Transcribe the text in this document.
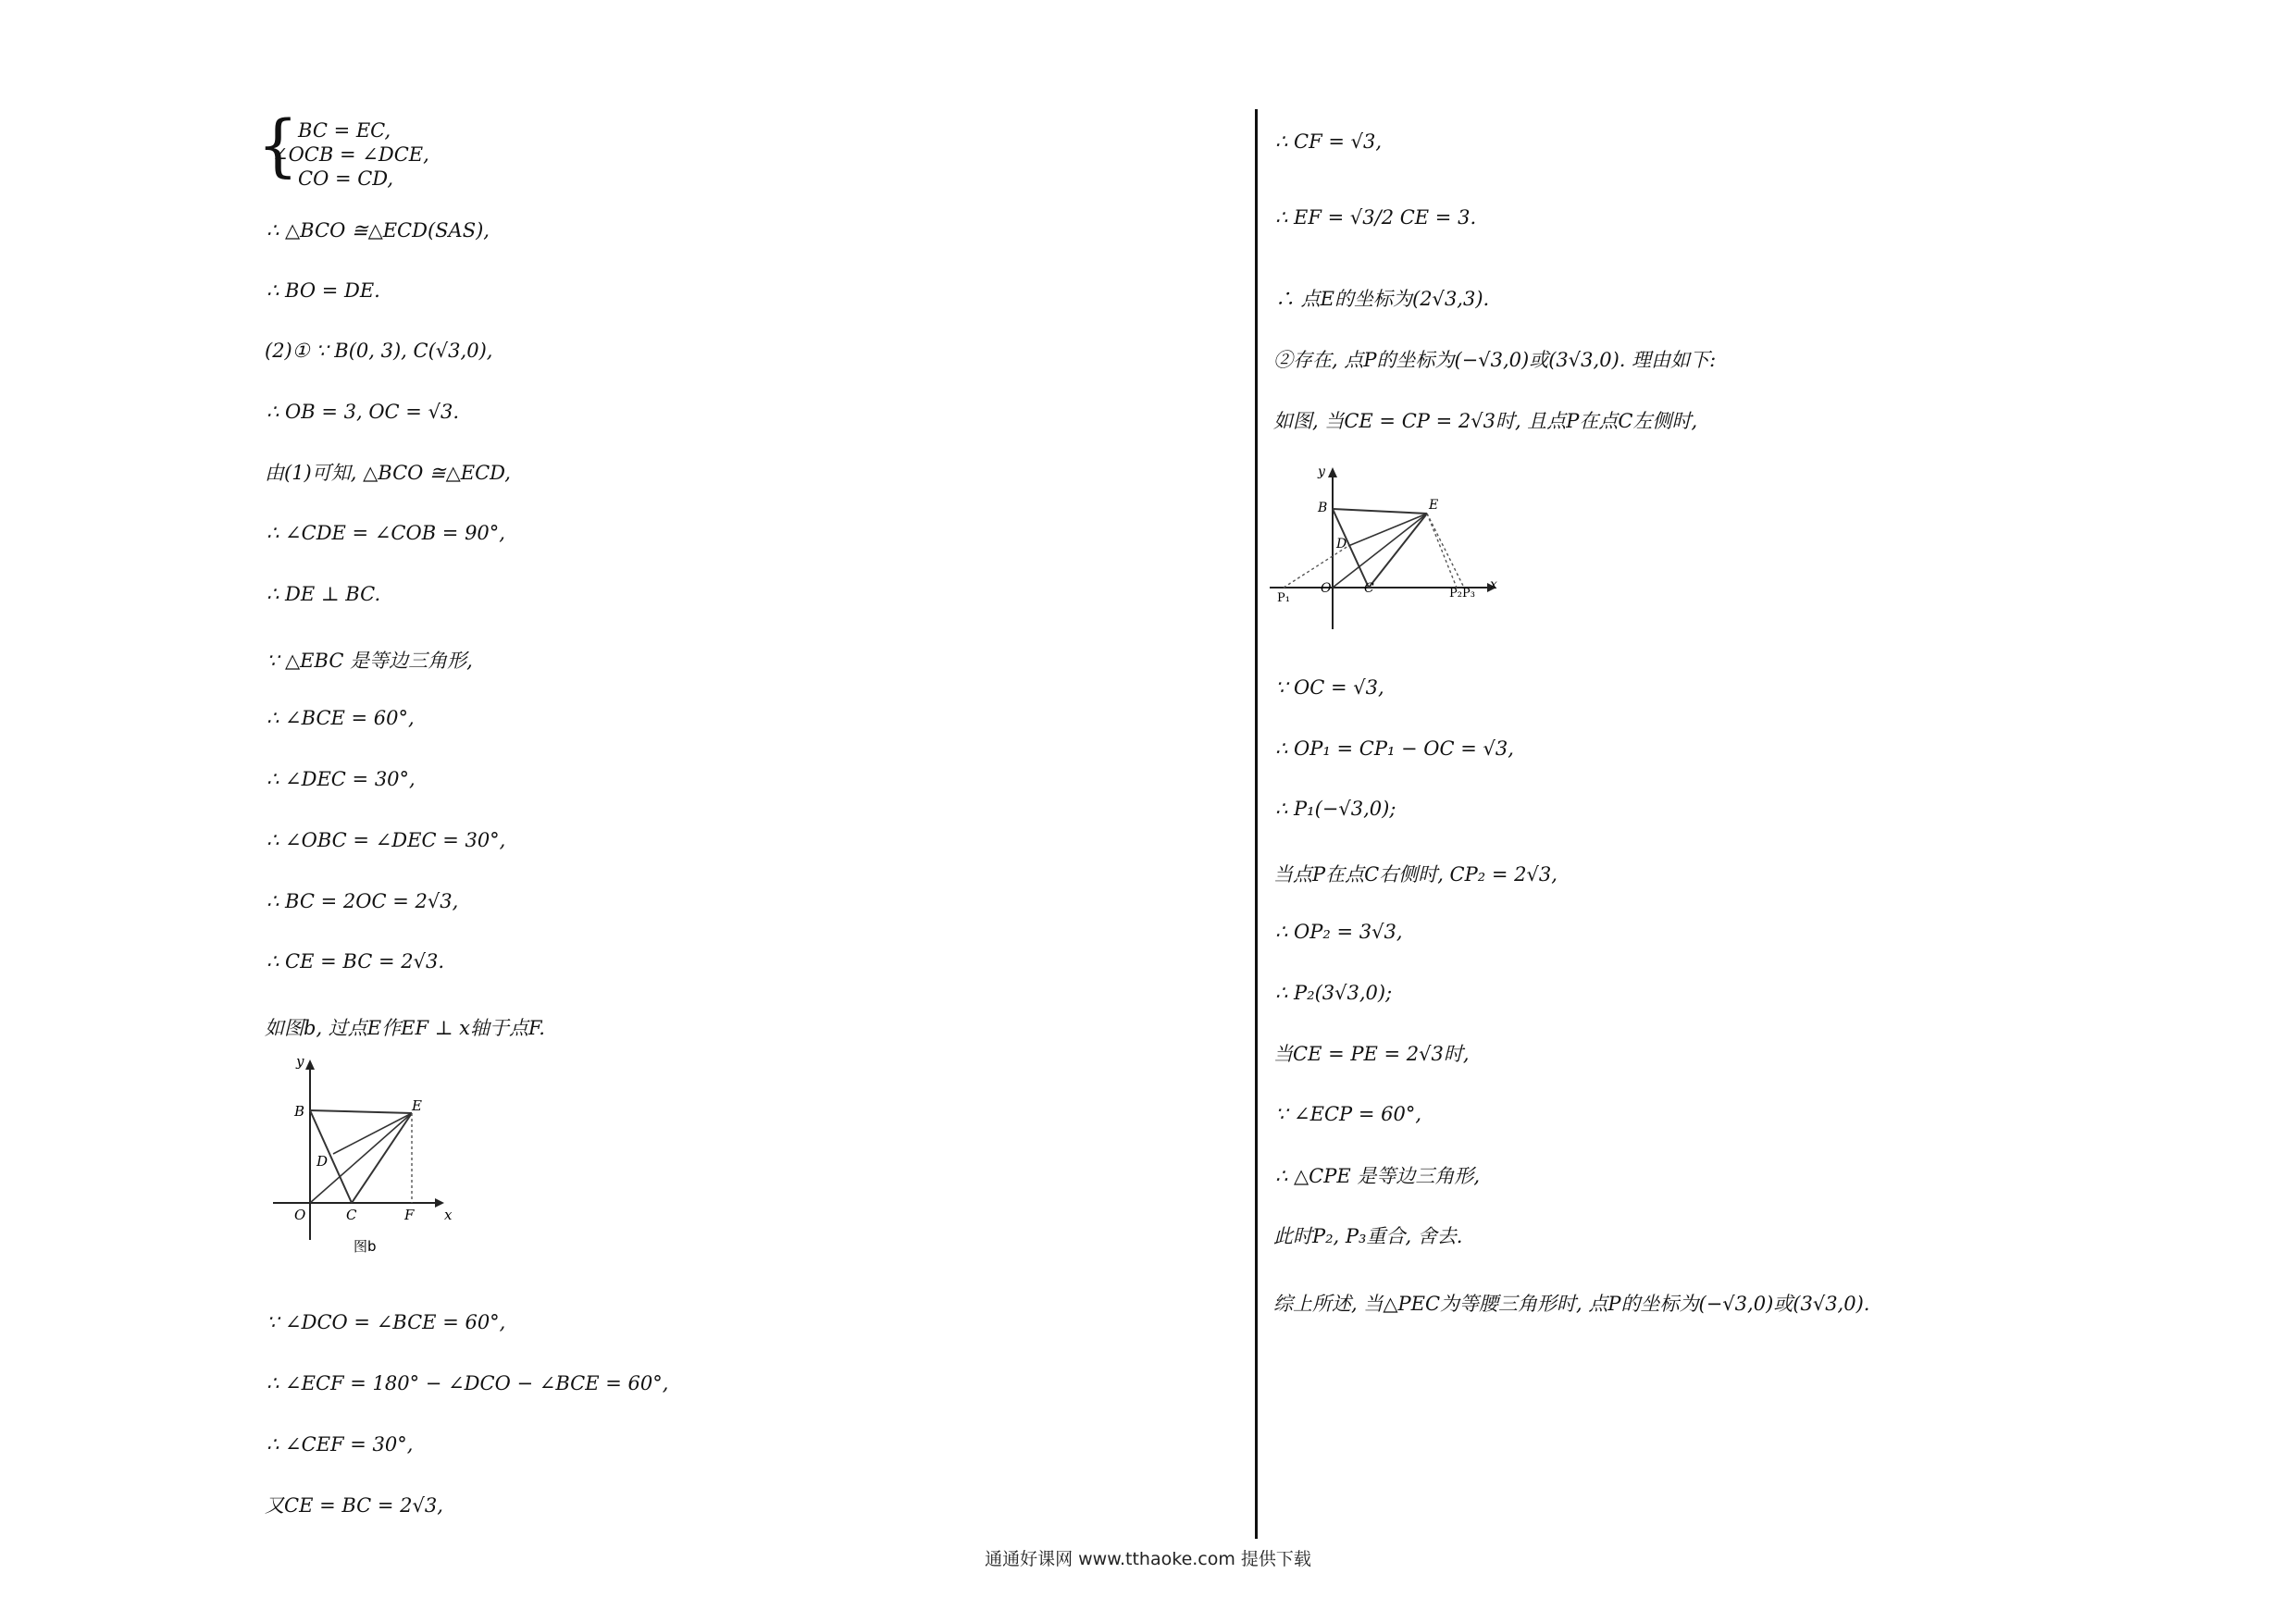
{ BC = EC,
∠OCB = ∠DCE,
CO = CD,
∴ △BCO ≅△ECD(SAS),
∴ BO = DE.
(2)① ∵ B(0, 3), C(√3,0),
∴ OB = 3, OC = √3.
由(1)可知, △BCO ≅△ECD,
∴ ∠CDE = ∠COB = 90°,
∴ DE ⊥ BC.
∵ △EBC 是等边三角形,
∴ ∠BCE = 60°,
∴ ∠DEC = 30°,
∴ ∠OBC = ∠DEC = 30°,
∴ BC = 2OC = 2√3,
∴ CE = BC = 2√3.
如图b, 过点E作EF ⊥ x轴于点F.
y
x
B	E
D
O	C	F
图b
∵ ∠DCO = ∠BCE = 60°,
∴ ∠ECF = 180° − ∠DCO − ∠BCE = 60°,
∴ ∠CEF = 30°,
又CE = BC = 2√3,
∴ CF = √3,
∴ EF = √3/2 CE = 3.
∴ 点E的坐标为(2√3,3).
②存在, 点P的坐标为(−√3,0)或(3√3,0). 理由如下:
如图, 当CE = CP = 2√3时, 且点P在点C左侧时,
y
x
B	E
D
O	C
P₁	P₂P₃
∵ OC = √3,
∴ OP₁ = CP₁ − OC = √3,
∴ P₁(−√3,0);
当点P在点C右侧时, CP₂ = 2√3,
∴ OP₂ = 3√3,
∴ P₂(3√3,0);
当CE = PE = 2√3时,
∵ ∠ECP = 60°,
∴ △CPE 是等边三角形,
此时P₂, P₃重合, 舍去.
综上所述, 当△PEC为等腰三角形时, 点P的坐标为(−√3,0)或(3√3,0).
通通好课网 www.tthaoke.com 提供下载
